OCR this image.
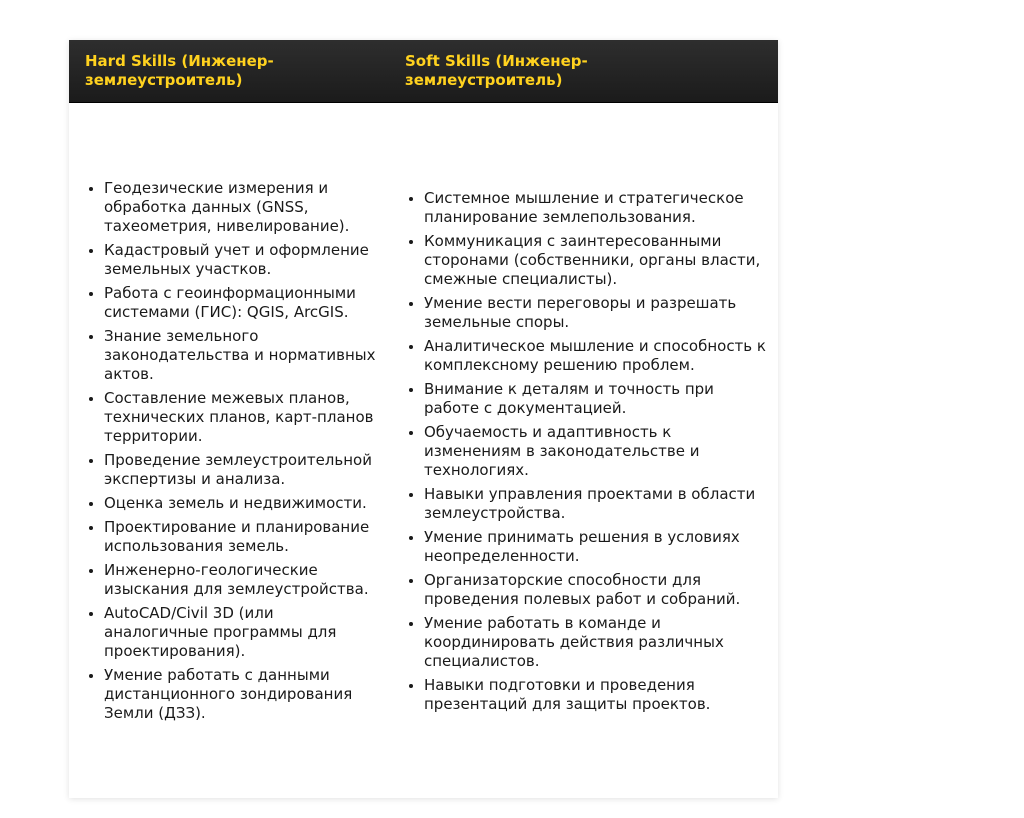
Hard Skills (Инженер-землеустроитель)
Soft Skills (Инженер-землеустроитель)
• Геодезические измерения и обработка данных (GNSS, тахеометрия, нивелирование).
• Кадастровый учет и оформление земельных участков.
• Работа с геоинформационными системами (ГИС): QGIS, ArcGIS.
• Знание земельного законодательства и нормативных актов.
• Составление межевых планов, технических планов, карт-планов территории.
• Проведение землеустроительной экспертизы и анализа.
• Оценка земель и недвижимости.
• Проектирование и планирование использования земель.
• Инженерно-геологические изыскания для землеустройства.
• AutoCAD/Civil 3D (или аналогичные программы для проектирования).
• Умение работать с данными дистанционного зондирования Земли (ДЗЗ).
• Системное мышление и стратегическое планирование землепользования.
• Коммуникация с заинтересованными сторонами (собственники, органы власти, смежные специалисты).
• Умение вести переговоры и разрешать земельные споры.
• Аналитическое мышление и способность к комплексному решению проблем.
• Внимание к деталям и точность при работе с документацией.
• Обучаемость и адаптивность к изменениям в законодательстве и технологиях.
• Навыки управления проектами в области землеустройства.
• Умение принимать решения в условиях неопределенности.
• Организаторские способности для проведения полевых работ и собраний.
• Умение работать в команде и координировать действия различных специалистов.
• Навыки подготовки и проведения презентаций для защиты проектов.
